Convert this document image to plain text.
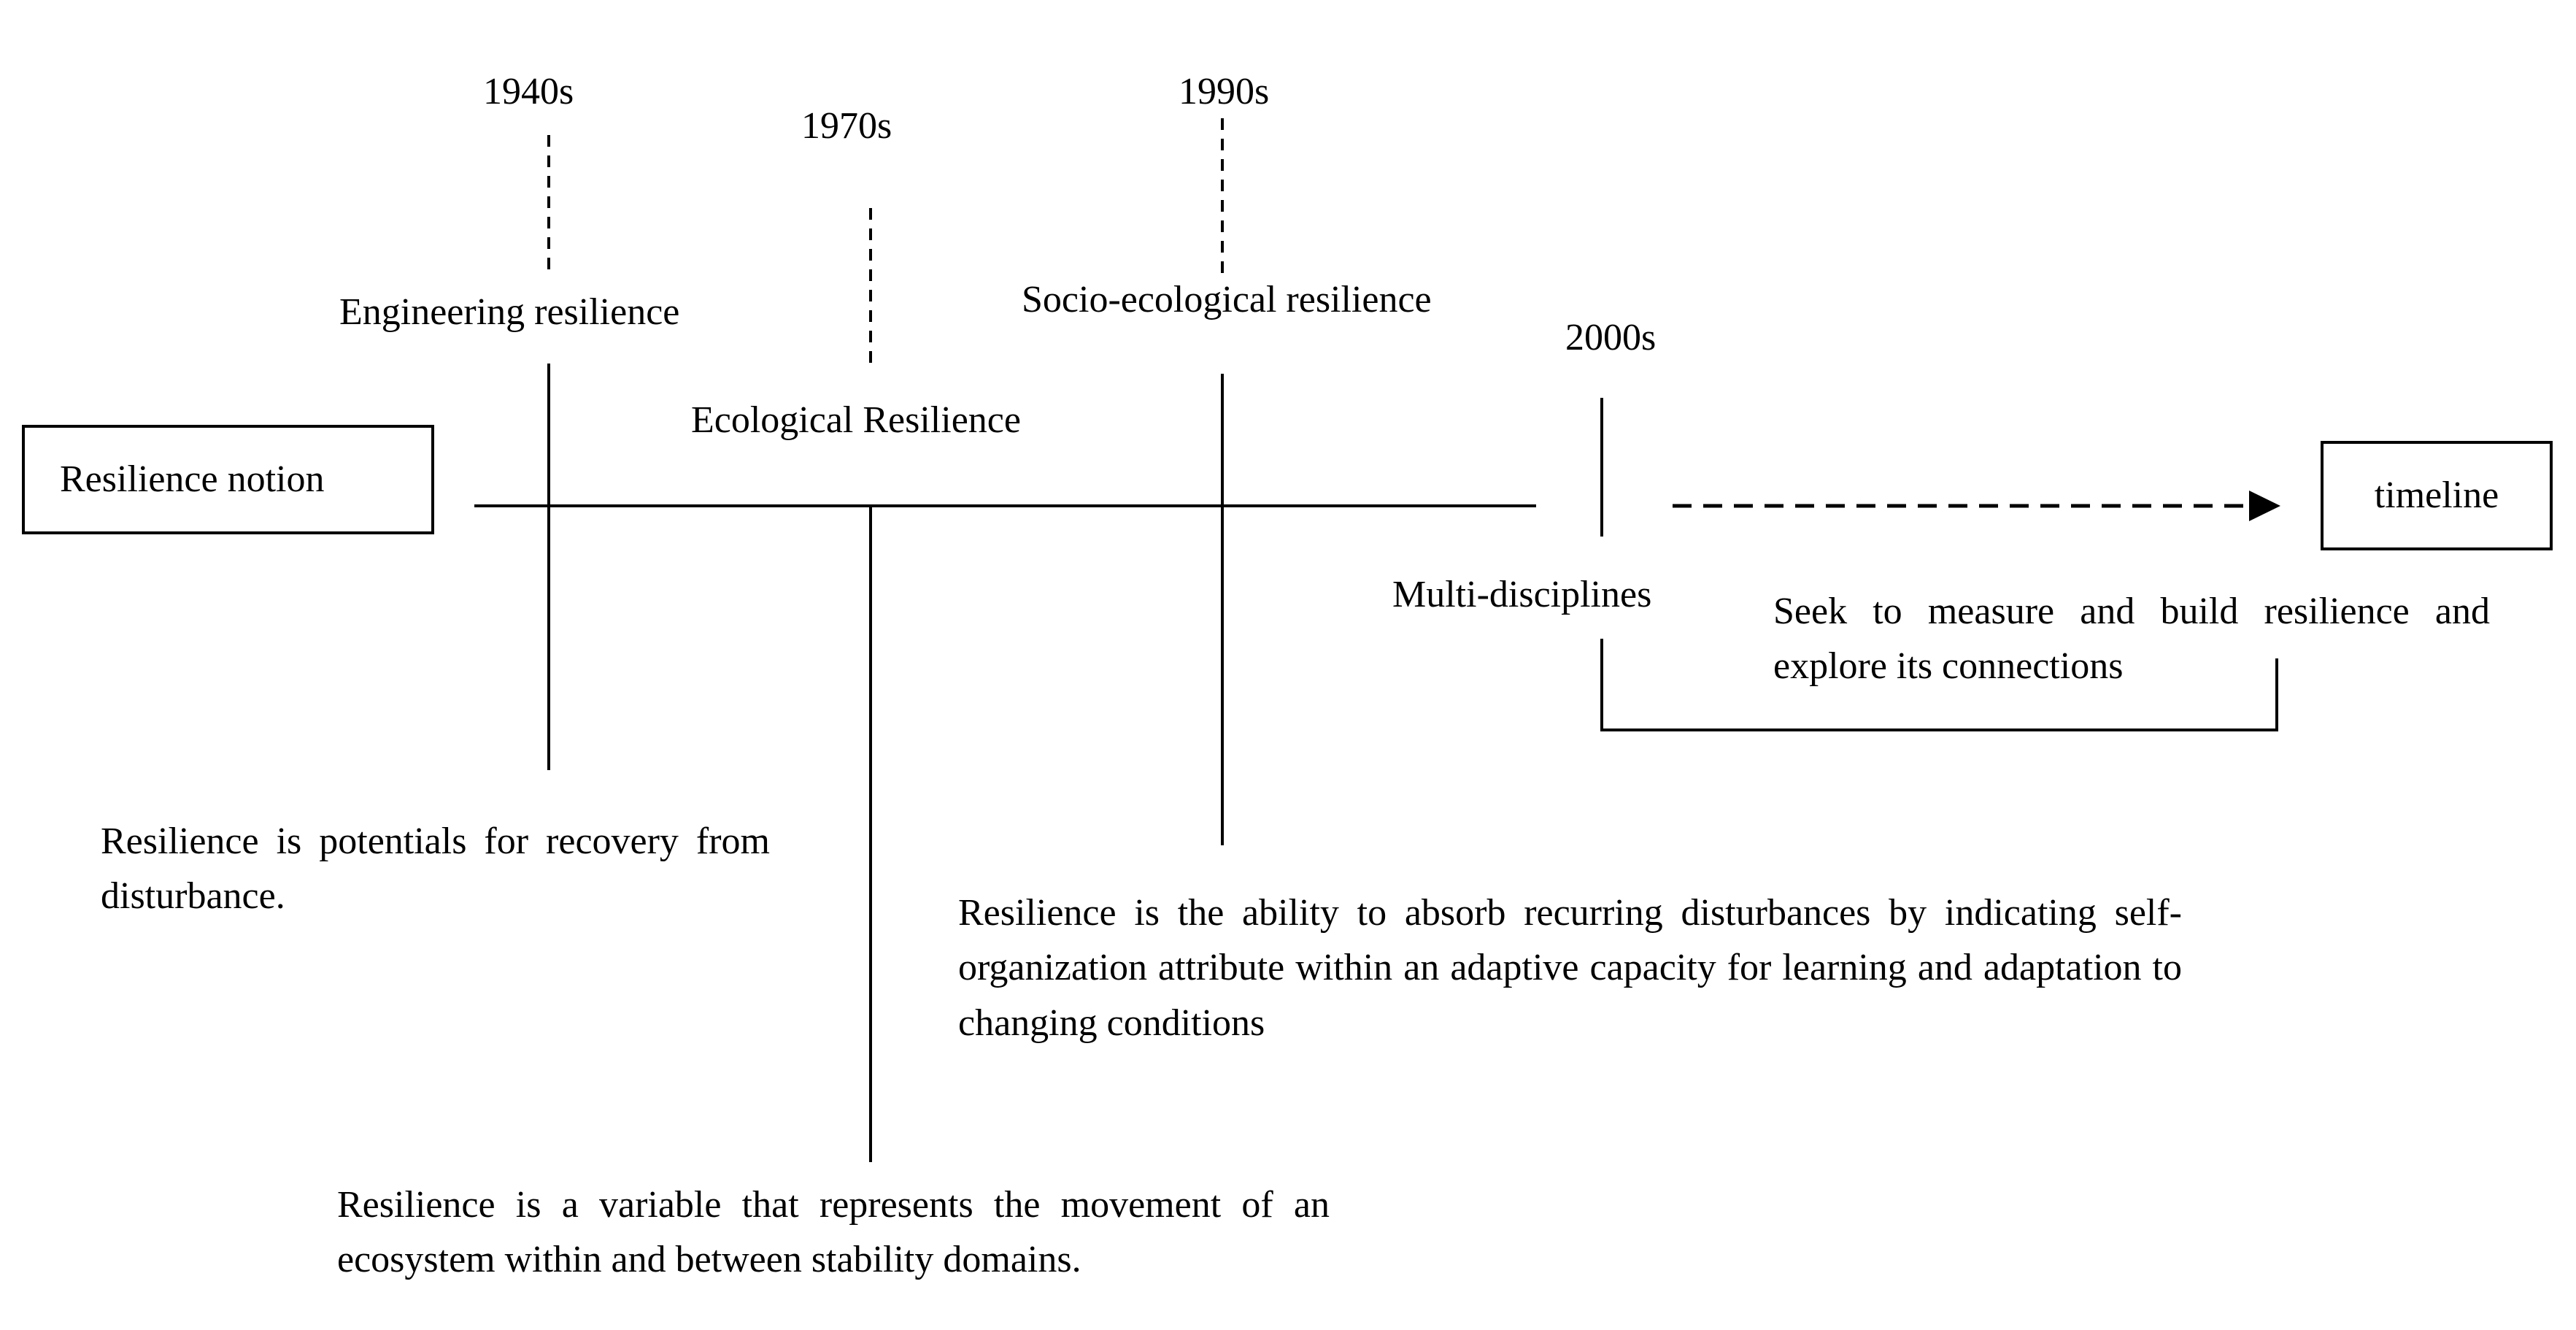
Resilience notion	timeline
1940s
1970s
1990s
2000s
Engineering resilience
Ecological Resilience
Socio-ecological resilience
Multi-disciplines
Resilience is potentials for recovery from disturbance.
Resilience is a variable that represents the movement of an ecosystem within and between stability domains.
Resilience is the ability to absorb recurring disturbances by indicating self-organization attribute within an adaptive capacity for learning and adaptation to changing conditions
Seek to measure and build resilience and explore its connections
